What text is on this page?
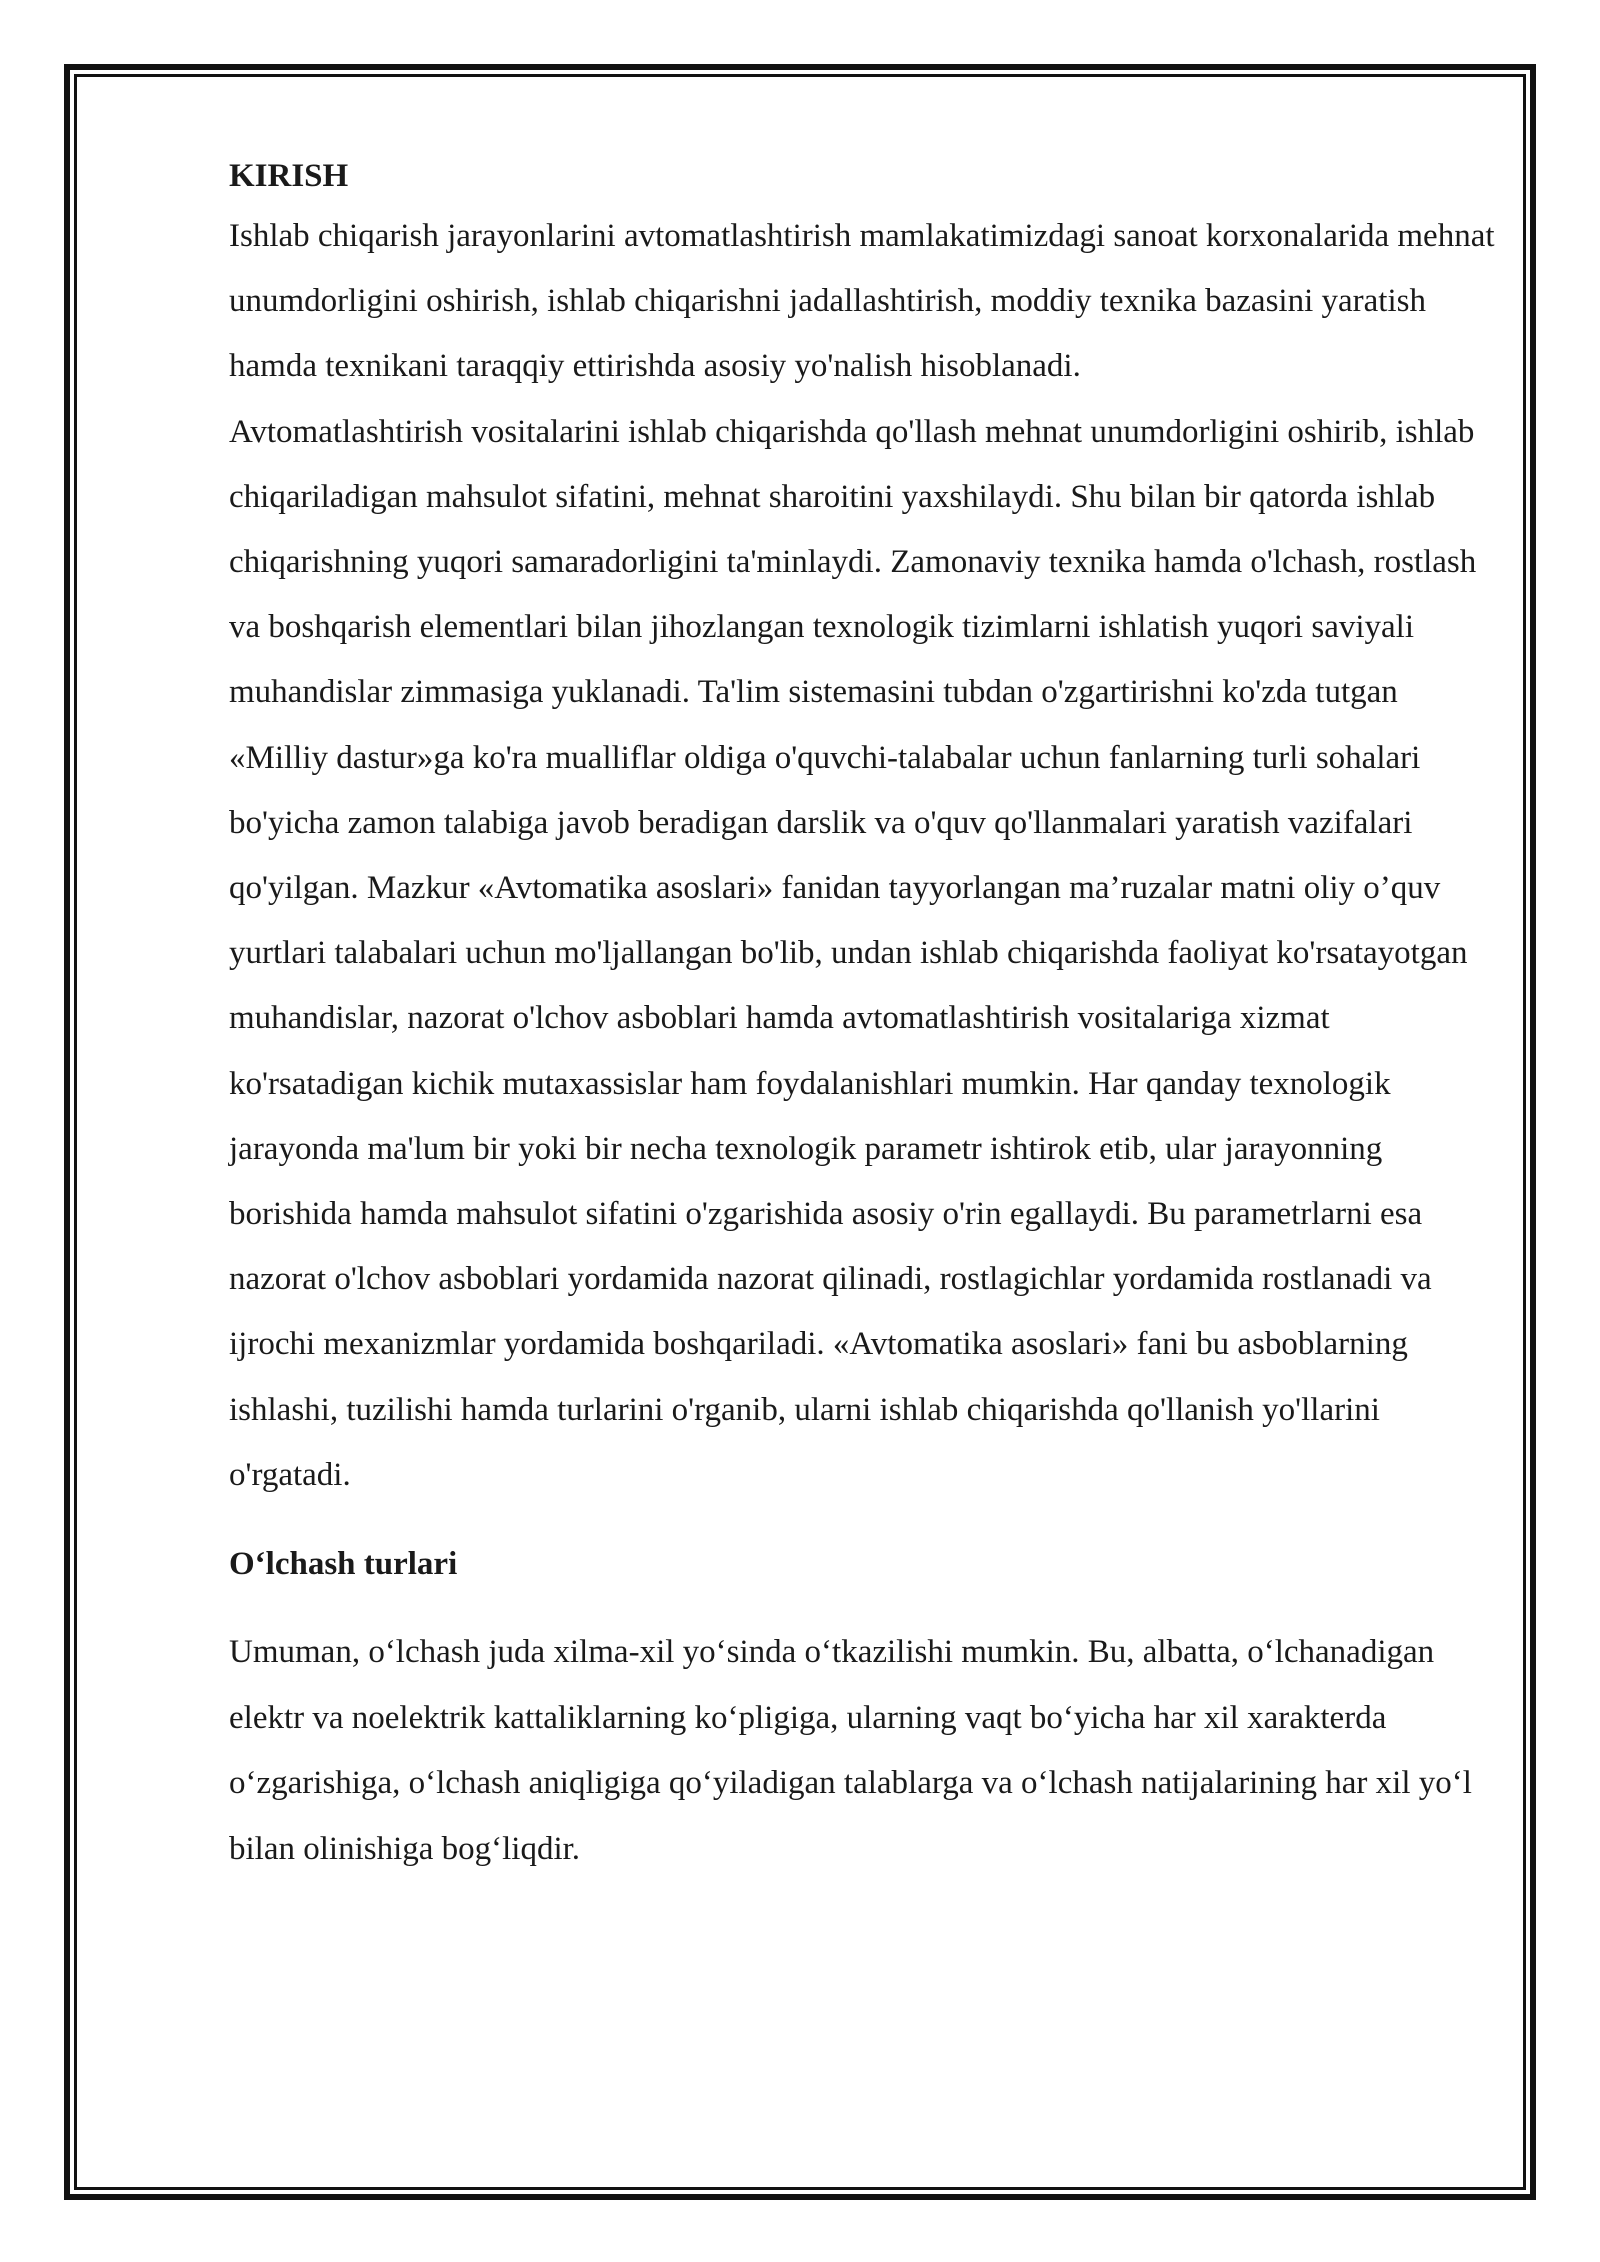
KIRISH

Ishlab chiqarish jarayonlarini avtomatlashtirish mamlakatimizdagi sanoat korxonalarida mehnat unumdorligini oshirish, ishlab chiqarishni jadallashtirish, moddiy texnika bazasini yaratish hamda texnikani taraqqiy ettirishda asosiy yo'nalish hisoblanadi.

Avtomatlashtirish vositalarini ishlab chiqarishda qo'llash mehnat unumdorligini oshirib, ishlab chiqariladigan mahsulot sifatini, mehnat sharoitini yaxshilaydi. Shu bilan bir qatorda ishlab chiqarishning yuqori samaradorligini ta'minlaydi. Zamonaviy texnika hamda o'lchash, rostlash va boshqarish elementlari bilan jihozlangan texnologik tizimlarni ishlatish yuqori saviyali muhandislar zimmasiga yuklanadi. Ta'lim sistemasini tubdan o'zgartirishni ko'zda tutgan «Milliy dastur»ga ko'ra mualliflar oldiga o'quvchi-talabalar uchun fanlarning turli sohalari bo'yicha zamon talabiga javob beradigan darslik va o'quv qo'llanmalari yaratish vazifalari qo'yilgan. Mazkur «Avtomatika asoslari» fanidan tayyorlangan ma’ruzalar matni oliy o’quv yurtlari talabalari uchun mo'ljallangan bo'lib, undan ishlab chiqarishda faoliyat ko'rsatayotgan muhandislar, nazorat o'lchov asboblari hamda avtomatlashtirish vositalariga xizmat ko'rsatadigan kichik mutaxassislar ham foydalanishlari mumkin. Har qanday texnologik jarayonda ma'lum bir yoki bir necha texnologik parametr ishtirok etib, ular jarayonning borishida hamda mahsulot sifatini o'zgarishida asosiy o'rin egallaydi. Bu parametrlarni esa nazorat o'lchov asboblari yordamida nazorat qilinadi, rostlagichlar yordamida rostlanadi va ijrochi mexanizmlar yordamida boshqariladi. «Avtomatika asoslari» fani bu asboblarning ishlashi, tuzilishi hamda turlarini o'rganib, ularni ishlab chiqarishda qo'llanish yo'llarini o'rgatadi.

O‘lchash turlari

Umuman, o‘lchash juda xilma-xil yo‘sinda o‘tkazilishi mumkin. Bu, albatta, o‘lchanadigan elektr va noelektrik kattaliklarning ko‘pligiga, ularning vaqt bo‘yicha har xil xarakterda o‘zgarishiga, o‘lchash aniqligiga qo‘yiladigan talablarga va o‘lchash natijalarining har xil yo‘l bilan olinishiga bog‘liqdir.
